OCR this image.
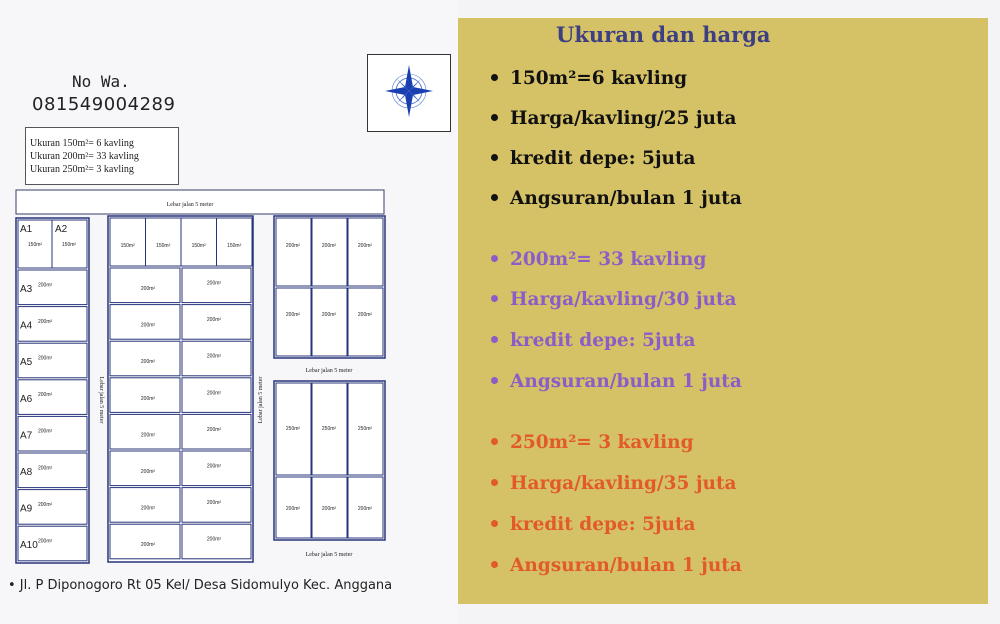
No Wa.
081549004289
Ukuran 150m²= 6 kavling
Ukuran 200m²= 33 kavling
Ukuran 250m²= 3 kavling
Lebar jalan 5 meter
A1 A2
150m²	150m²
A3 200m²
A4 200m²
A5 200m²
A6 200m²
A7 200m²
A8 200m²
A9 200m²
A10 200m²
Lebar jalan 5 meter
150m²	150m²	150m²	150m²
200m²
200m²
200m²
200m²
200m²
200m²
200m²
200m²
200m²
200m²
200m²
200m²
200m²
200m²
200m²
200m²
Lebar jalan 5 meter
200m²
200m²
200m²
200m²
200m²
200m²
Lebar jalan 5 meter
250m²
200m²
250m²
200m²
250m²
200m²
Lebar jalan 5 meter
• Jl. P Diponogoro Rt 05 Kel/ Desa Sidomulyo Kec. Anggana
Ukuran dan harga
150m²=6 kavling
Harga/kavling/25 juta
kredit depe: 5juta
Angsuran/bulan 1 juta
200m²= 33 kavling
Harga/kavling/30 juta
kredit depe: 5juta
Angsuran/bulan 1 juta
250m²= 3 kavling
Harga/kavling/35 juta
kredit depe: 5juta
Angsuran/bulan 1 juta
